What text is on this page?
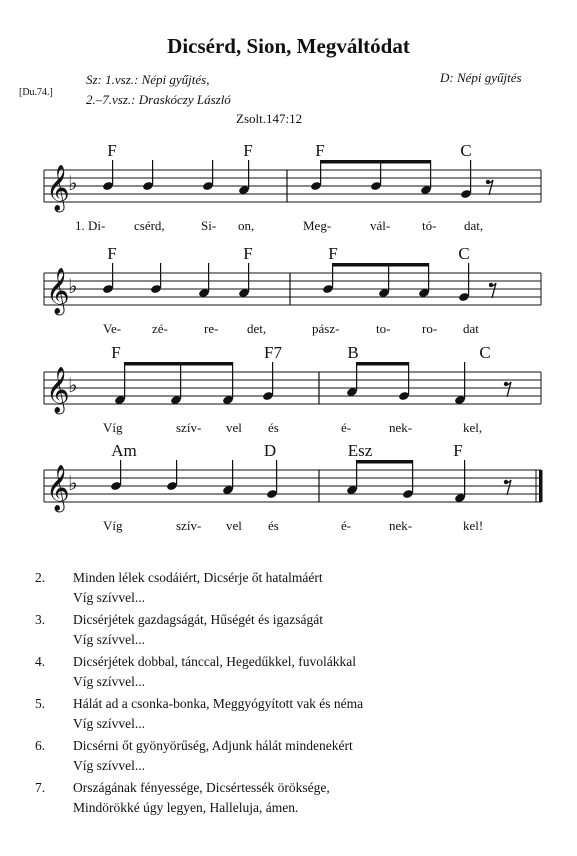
Dicsérd, Sion, Megváltódat
[Du.74.]
Sz: 1.vsz.: Népi gyűjtés,
2.–7.vsz.: Draskóczy László
D: Népi gyűjtés
Zsolt.147:12
𝄞
♭
F	F	F	C
1. Di- csérd,	Si- on,	Meg-	vál- tó- dat,
𝄞
♭
F	F	F	C
Ve- zé-	re- det,	pász-	to- ro- dat
𝄞
♭
F	F7	B	C
Víg	szív- vel és	é-	nek-	kel,
𝄞
♭
Am	D	Esz	F
Víg	szív- vel és	é-	nek-	kel!
2. Minden lélek csodáiért, Dicsérje őt hatalmáért
Víg szívvel...
3. Dicsérjétek gazdagságát, Hűségét és igazságát
Víg szívvel...
4. Dicsérjétek dobbal, tánccal, Hegedűkkel, fuvolákkal
Víg szívvel...
5. Hálát ad a csonka-bonka, Meggyógyított vak és néma
Víg szívvel...
6. Dicsérni őt gyönyörűség, Adjunk hálát mindenekért
Víg szívvel...
7. Országának fényessége, Dicsértessék öröksége,
Mindörökké úgy legyen, Halleluja, ámen.
